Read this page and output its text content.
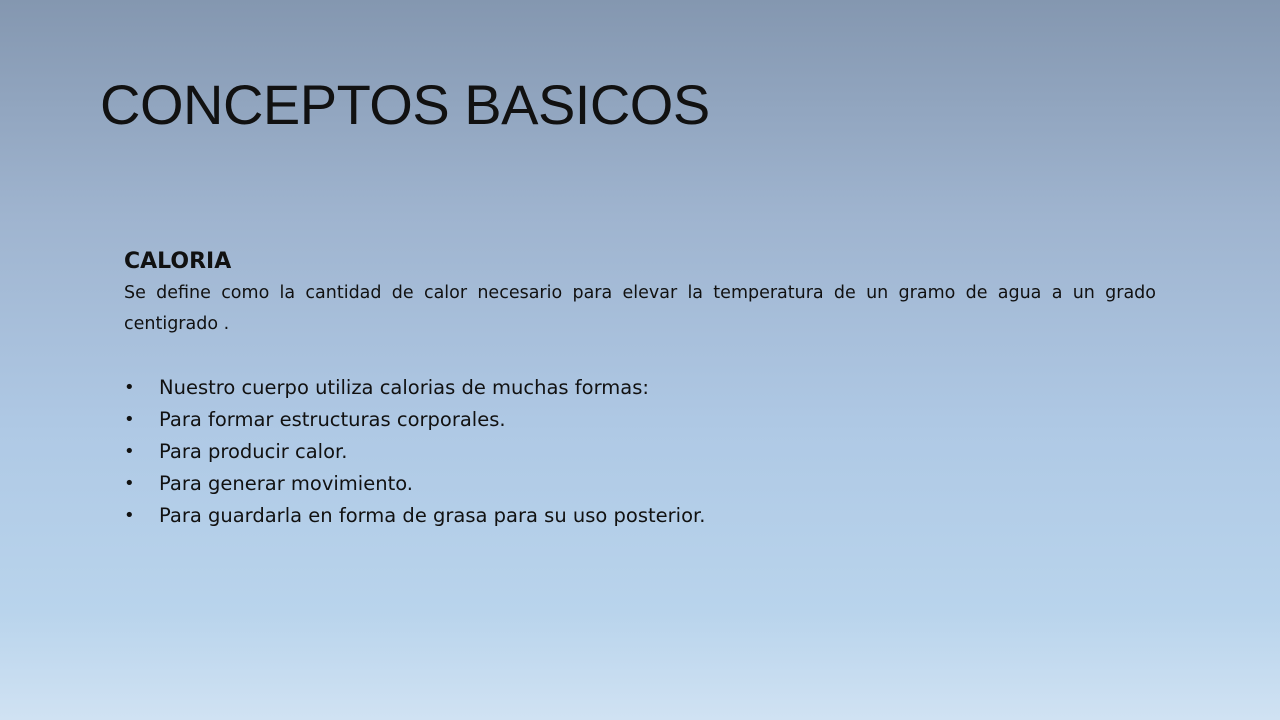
CONCEPTOS BASICOS
CALORIA

Se define como la cantidad de calor necesario para elevar la temperatura de un gramo de agua a un grado centigrado .

• Nuestro cuerpo utiliza calorias de muchas formas:
• Para formar estructuras corporales.
• Para producir calor.
• Para generar movimiento.
• Para guardarla en forma de grasa para su uso posterior.
